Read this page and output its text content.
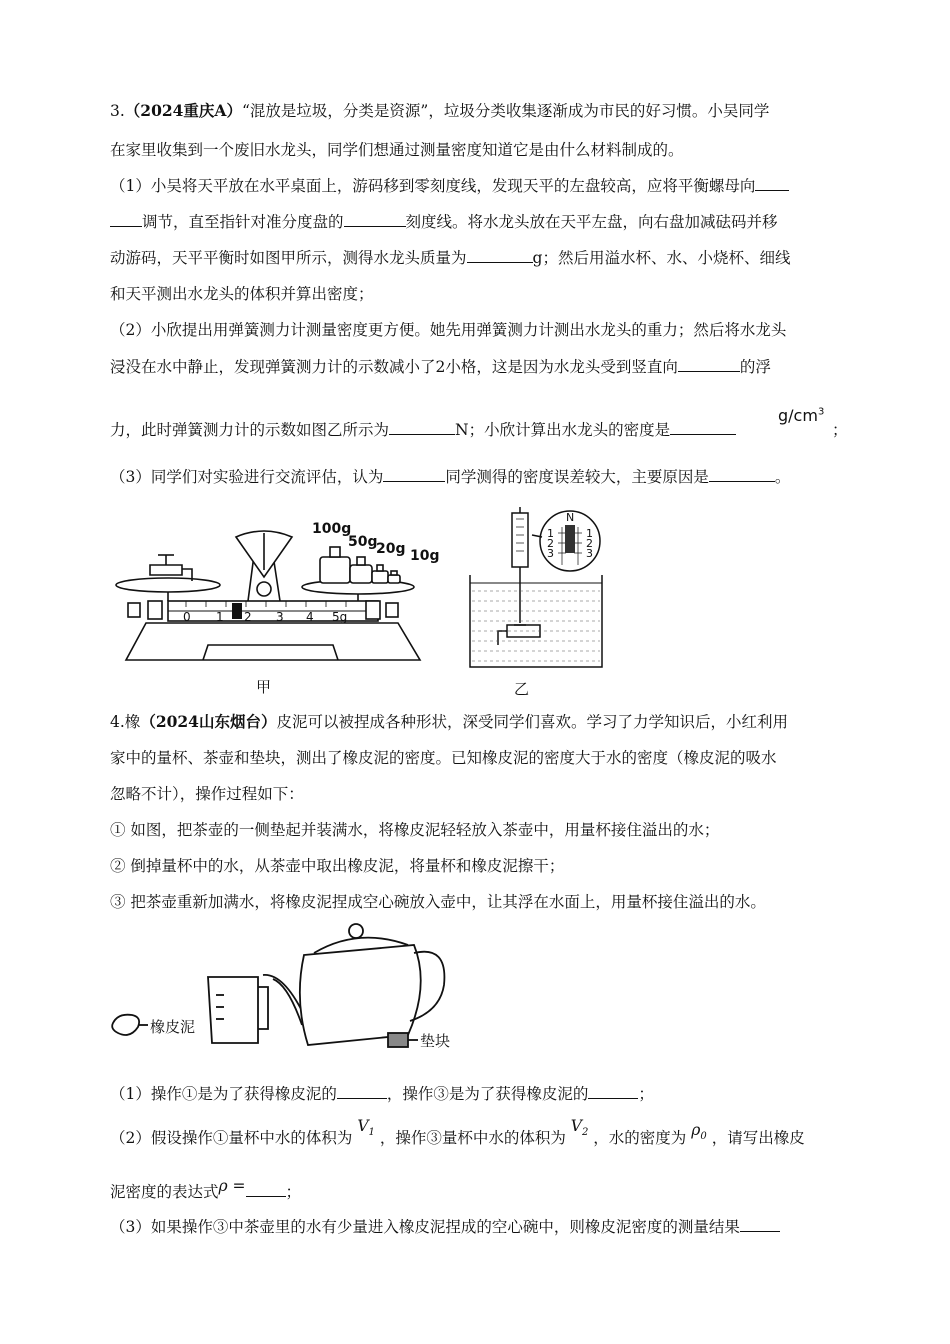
3.（2024重庆A）“混放是垃圾，分类是资源”，垃圾分类收集逐渐成为市民的好习惯。小吴同学
在家里收集到一个废旧水龙头，同学们想通过测量密度知道它是由什么材料制成的。
（1）小吴将天平放在水平桌面上，游码移到零刻度线，发现天平的左盘较高，应将平衡螺母向
调节，直至指针对准分度盘的	刻度线。将水龙头放在天平左盘，向右盘加减砝码并移
动游码，天平平衡时如图甲所示，测得水龙头质量为	g；然后用溢水杯、水、小烧杯、细线
和天平测出水龙头的体积并算出密度；
（2）小欣提出用弹簧测力计测量密度更方便。她先用弹簧测力计测出水龙头的重力；然后将水龙头
浸没在水中静止，发现弹簧测力计的示数减小了2小格，这是因为水龙头受到竖直向	的浮
力，此时弹簧测力计的示数如图乙所示为	N；小欣计算出水龙头的密度是
$g/cm^3$
；
（3）同学们对实验进行交流评估，认为	同学测得的密度误差较大，主要原因是	。
0 1 2 3 4 5g
100g
50g
20g 10g
甲
N
1
2
3
1
2
3
乙
4.橡（2024山东烟台）皮泥可以被捏成各种形状，深受同学们喜欢。学习了力学知识后，小红利用
家中的量杯、茶壶和垫块，测出了橡皮泥的密度。已知橡皮泥的密度大于水的密度（橡皮泥的吸水
忽略不计），操作过程如下：
① 如图，把茶壶的一侧垫起并装满水，将橡皮泥轻轻放入茶壶中，用量杯接住溢出的水；
② 倒掉量杯中的水，从茶壶中取出橡皮泥，将量杯和橡皮泥擦干；
③ 把茶壶重新加满水，将橡皮泥捏成空心碗放入壶中，让其浮在水面上，用量杯接住溢出的水。
橡皮泥
垫块
（1）操作①是为了获得橡皮泥的	，操作③是为了获得橡皮泥的	；
（2）假设操作①量杯中水的体积为 $V_1$ ，操作③量杯中水的体积为 $V_2$ ，水的密度为 $\rho_0$ ，请写出橡皮
泥密度的表达式ρ =	；
（3）如果操作③中茶壶里的水有少量进入橡皮泥捏成的空心碗中，则橡皮泥密度的测量结果
